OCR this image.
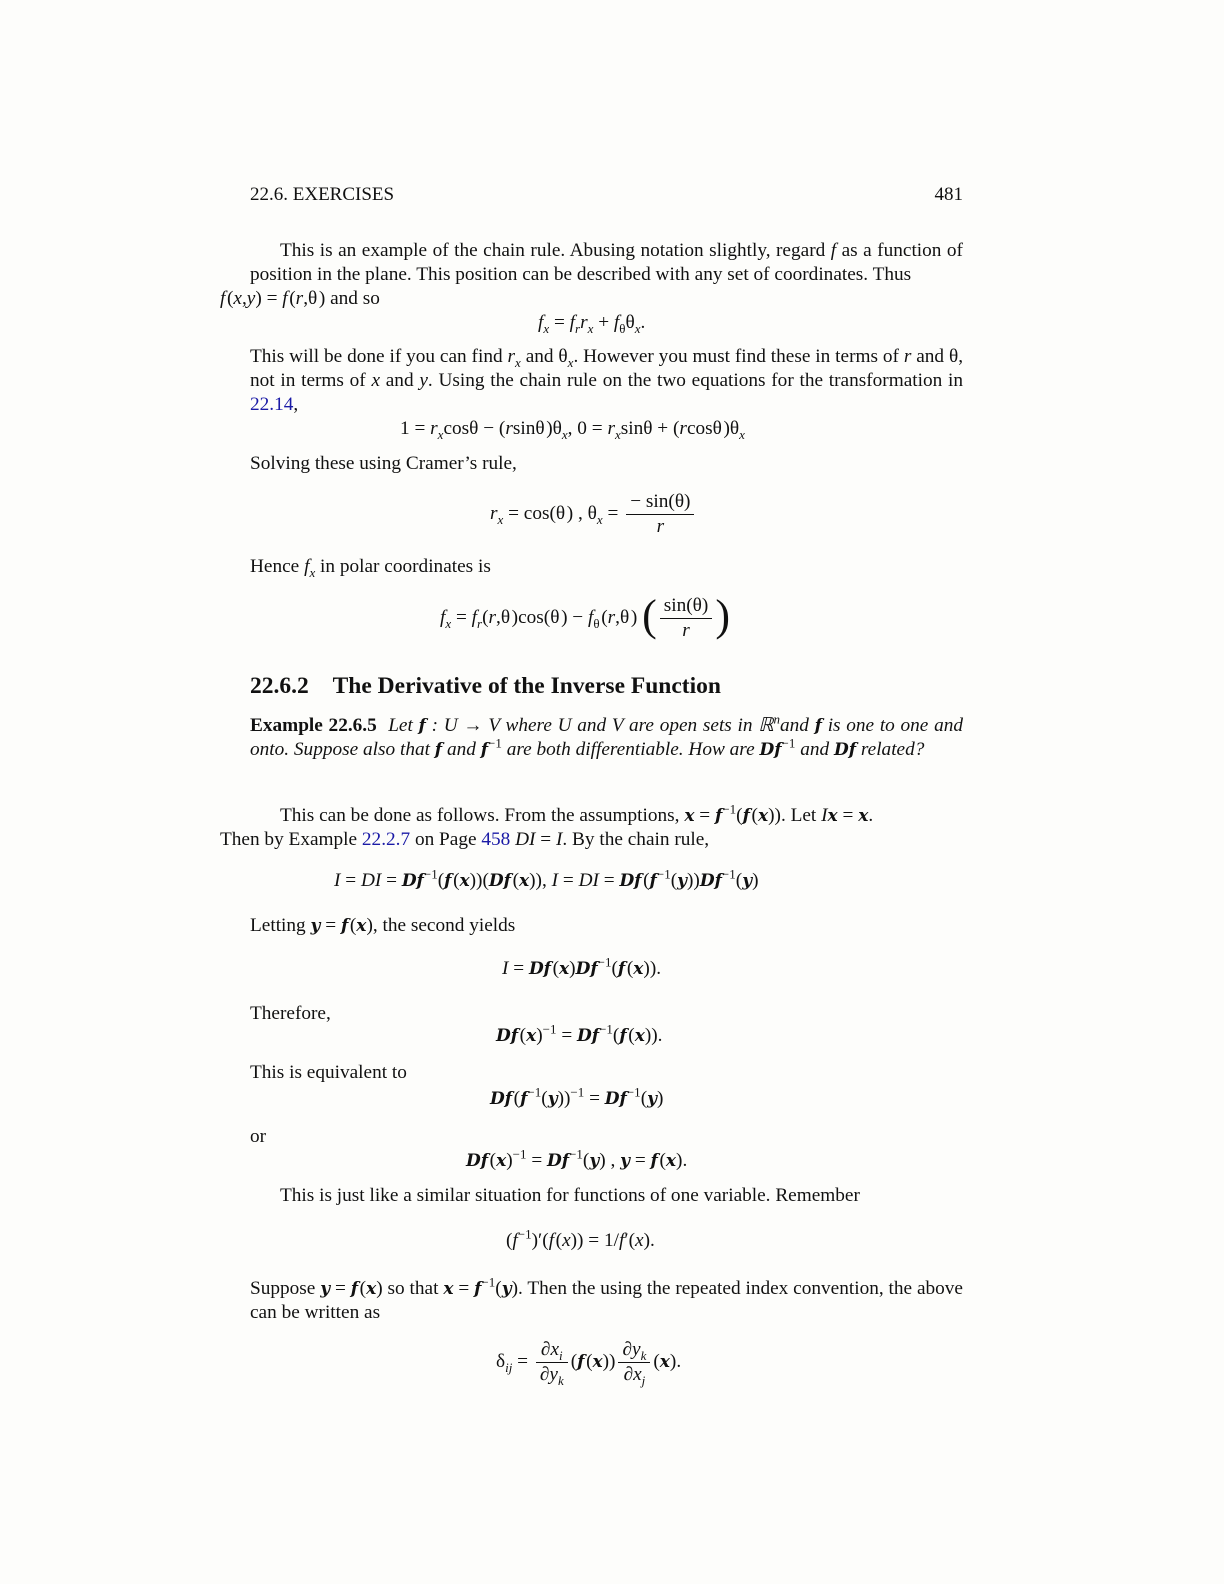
22.6. EXERCISES	481
This is an example of the chain rule. Abusing notation slightly, regard f as a function of position in the plane. This position can be described with any set of coordinates. Thus
f (x,y) = f (r,θ ) and so
$f_x = f_rr_x + f_\theta\theta_x$.
This will be done if you can find $r_x$ and $\theta_x$. However you must find these in terms of r and θ, not in terms of x and y. Using the chain rule on the two equations for the transformation in 22.14,
$1 = r_x\cos\theta - (rsin\theta$ )$\theta_x$, $0 = r_x\sin\theta + (rcos\theta$ )$\theta_x$
Solving these using Cramer’s rule,
$r_x = \cos(\theta$ ) , $\theta_x = \frac{- \sin(\theta)}{r}$
Hence $f_x$ in polar coordinates is
$f_x = f_r(r,\theta$ )cos(θ ) − $f_\theta$ (r,θ ) ( $\frac{\sin(\theta)}{r}$ )
22.6.2 The Derivative of the Inverse Function
Example 22.6.5 Let f : U → V where U and V are open sets in ℝ$^n$and f is one to one and onto. Suppose also that f and $f^{-1}$ are both differentiable. How are $Df^{-1}$ and Df related?
This can be done as follows. From the assumptions, $x = f^{-1}(f$ (x)). Let Ix = x.
Then by Example 22.2.7 on Page 458 DI = I. By the chain rule,
I = DI = $Df^{-1}(f$ (x))(Df (x)), I = DI = Df $(f^{-1}(y))Df^{-1}(y)$
Letting y = f (x), the second yields
I = Df $(x)Df^{-1}(f$ (x)).
Therefore,
Df $(x)^{-1} = Df^{-1}(f$ (x)).
This is equivalent to
Df $(f^{-1}(y))^{-1} = Df^{-1}(y)$
or
Df $(x)^{-1} = Df^{-1}(y)$ , y = f (x).
This is just like a similar situation for functions of one variable. Remember
$(f^{-1})'(f$ (x)) = 1/f′(x).
Suppose y = f (x) so that $x = f^{-1}(y)$. Then the using the repeated index convention, the above can be written as
$\delta_{ij} = \frac{\partial x_i}{\partial y_k} (f$ $(x)) \frac{\partial y_k}{\partial x_j} (x)$.
